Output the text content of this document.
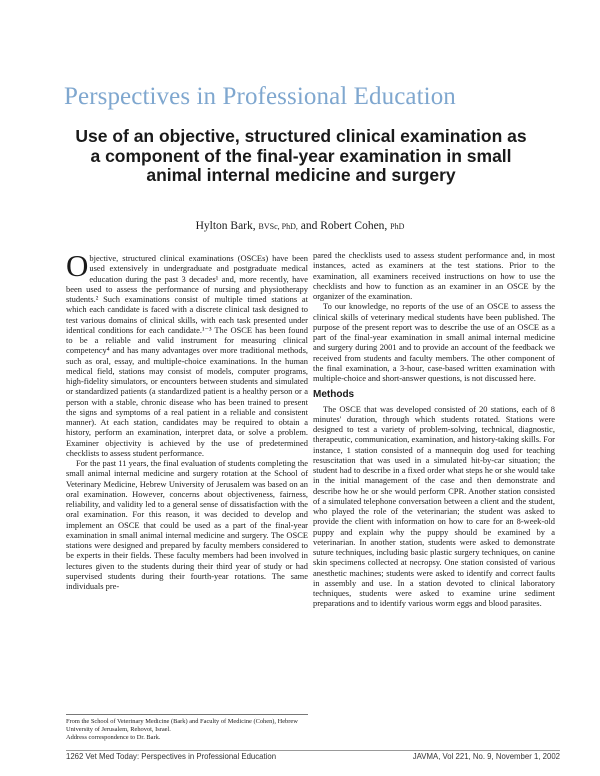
Perspectives in Professional Education
Use of an objective, structured clinical examination as a component of the final-year examination in small animal internal medicine and surgery
Hylton Bark, BVSc, PhD, and Robert Cohen, PhD

Objective, structured clinical examinations (OSCEs) have been used extensively in undergraduate and postgraduate medical education during the past 3 decades¹ and, more recently, have been used to assess the performance of nursing and physiotherapy students.² Such examinations consist of multiple timed stations at which each candidate is faced with a discrete clinical task designed to test various domains of clinical skills, with each task presented under identical conditions for each candidate.¹⁻³ The OSCE has been found to be a reliable and valid instrument for measuring clinical competency⁴ and has many advantages over more traditional methods, such as oral, essay, and multiple-choice examinations. In the human medical field, stations may consist of models, computer programs, high-fidelity simulators, or encounters between students and simulated or standardized patients (a standardized patient is a healthy person or a person with a stable, chronic disease who has been trained to present the signs and symptoms of a real patient in a reliable and consistent manner). At each station, candidates may be required to obtain a history, perform an examination, interpret data, or solve a problem. Examiner objectivity is achieved by the use of predetermined checklists to assess student performance.

For the past 11 years, the final evaluation of students completing the small animal internal medicine and surgery rotation at the School of Veterinary Medicine, Hebrew University of Jerusalem was based on an oral examination. However, concerns about objectiveness, fairness, reliability, and validity led to a general sense of dissatisfaction with the oral examination. For this reason, it was decided to develop and implement an OSCE that could be used as a part of the final-year examination in small animal internal medicine and surgery. The OSCE stations were designed and prepared by faculty members considered to be experts in their fields. These faculty members had been involved in lectures given to the students during their third year of study or had supervised students during their fourth-year rotations. The same individuals pre-

pared the checklists used to assess student performance and, in most instances, acted as examiners at the test stations. Prior to the examination, all examiners received instructions on how to use the checklists and how to function as an examiner in an OSCE by the organizer of the examination.

To our knowledge, no reports of the use of an OSCE to assess the clinical skills of veterinary medical students have been published. The purpose of the present report was to describe the use of an OSCE as a part of the final-year examination in small animal internal medicine and surgery during 2001 and to provide an account of the feedback we received from students and faculty members. The other component of the final examination, a 3-hour, case-based written examination with multiple-choice and short-answer questions, is not discussed here.

Methods

The OSCE that was developed consisted of 20 stations, each of 8 minutes' duration, through which students rotated. Stations were designed to test a variety of problem-solving, technical, diagnostic, therapeutic, communication, examination, and history-taking skills. For instance, 1 station consisted of a mannequin dog used for teaching resuscitation that was used in a simulated hit-by-car situation; the student had to describe in a fixed order what steps he or she would take in the initial management of the case and then demonstrate and describe how he or she would perform CPR. Another station consisted of a simulated telephone conversation between a client and the student, who played the role of the veterinarian; the student was asked to provide the client with information on how to care for an 8-week-old puppy and explain why the puppy should be examined by a veterinarian. In another station, students were asked to demonstrate suture techniques, including basic plastic surgery techniques, on canine skin specimens collected at necropsy. One station consisted of various anesthetic machines; students were asked to identify and correct faults in assembly and use. In a station devoted to clinical laboratory techniques, students were asked to examine urine sediment preparations and to identify various worm eggs and blood parasites.

From the School of Veterinary Medicine (Bark) and Faculty of Medicine (Cohen), Hebrew University of Jerusalem, Rehovot, Israel.

Address correspondence to Dr. Bark.

1262 Vet Med Today: Perspectives in Professional Education	JAVMA, Vol 221, No. 9, November 1, 2002
